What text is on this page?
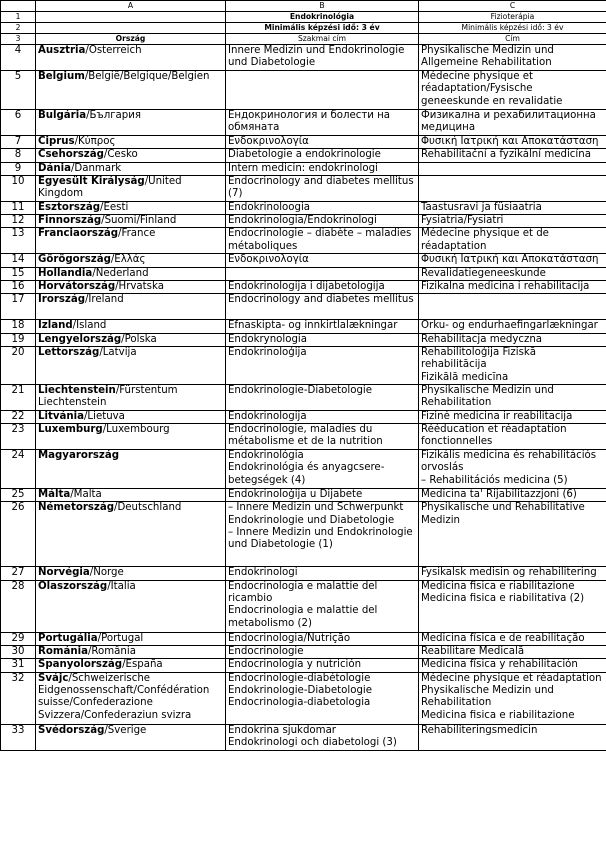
	A	B	C
1		Endokrinológia	Fizioterápia
2		Minimális képzési idő: 3 év	Minimális képzési idő: 3 év
3	Ország	Szakmai cím	Cím
4	Ausztria/Österreich	Innere Medizin und Endokrinologie und Diabetologie	Physikalische Medizin und Allgemeine Rehabilitation

5	Belgium/België/Belgique/Belgien		Médecine physique et réadaptation/Fysische geneeskunde en revalidatie

6	Bulgária/България	Ендокринология и болести на обмяната	Физикална и рехабилитационна медицина

7	Ciprus/Κύπρος	Ενδοκρινολογία	Φυσική Ιατρική και Αποκατάσταση

8	Csehország/Česko	Diabetologie a endokrinologie	Rehabilitační a fyzikální medicína

9	Dánia/Danmark	Intern medicin: endokrinologi	

10	Egyesült Királyság/United Kingdom	Endocrinology and diabetes mellitus (7)	

11	Észtország/Eesti	Endokrinoloogia	Taastusravi ja füsiaatria

12	Finnország/Suomi/Finland	Endokrinologia/Endokrinologi	Fysiatria/Fysiatri

13	Franciaország/France	Endocrinologie – diabète – maladies métaboliques	Médecine physique et de réadaptation

14	Görögország/Ελλάς	Ενδοκρινολογία	Φυσική Ιατρική και Αποκατάσταση

15	Hollandia/Nederland		Revalidatiegeneeskunde

16	Horvátország/Hrvatska	Endokrinologija i dijabetologija	Fizikalna medicina i rehabilitacija

17	Írország/Ireland	Endocrinology and diabetes mellitus	

18	Izland/Ísland	Efnaskipta- og innkirtlalækningar	Orku- og endurhaefingarlækningar

19	Lengyelország/Polska	Endokrynologia	Rehabilitacja medyczna

20	Lettország/Latvija	Endokrinoloģija	Rehabilitoloģija Fiziskā rehabilitācija
Fizikālā medicīna

21	Liechtenstein/Fürstentum Liechtenstein	Endokrinologie-Diabetologie	Physikalische Medizin und Rehabilitation

22	Litvánia/Lietuva	Endokrinologija	Fizinė medicina ir reabilitacija

23	Luxemburg/Luxembourg	Endocrinologie, maladies du métabolisme et de la nutrition	Rééducation et réadaptation fonctionnelles

24	Magyarország	Endokrinológia
Endokrinológia és anyagcsere-betegségek (4)	Fizikális medicina és rehabilitációs orvoslás
– Rehabilitációs medicina (5)

25	Málta/Malta	Endokrinoloġija u Dijabete	Medicina ta' Rijabilitazzjoni (6)

26	Németország/Deutschland	– Innere Medizin und Schwerpunkt Endokrinologie und Diabetologie
– Innere Medizin und Endokrinologie und Diabetologie (1)	Physikalische und Rehabilitative Medizin

27	Norvégia/Norge	Endokrinologi	Fysikalsk medisin og rehabilitering

28	Olaszország/Italia	Endocrinologia e malattie del ricambio
Endocrinologia e malattie del metabolismo (2)	Medicina fisica e riabilitazione
Medicina fisica e riabilitativa (2)

29	Portugália/Portugal	Endocrinologia/Nutrição	Medicina física e de reabilitação

30	Románia/România	Endocrinologie	Reabilitare Medicală

31	Spanyolország/España	Endocrinología y nutrición	Medicina física y rehabilitación

32	Svájc/Schweizerische Eidgenossenschaft/Confédération suisse/Confederazione Svizzera/Confederaziun svizra	Endocrinologie-diabétologie
Endokrinologie-Diabetologie
Endocrinologia-diabetologia	Médecine physique et réadaptation
Physikalische Medizin und Rehabilitation
Medicina fisica e riabilitazione

33	Svédország/Sverige	Endokrina sjukdomar
Endokrinologi och diabetologi (3)	Rehabiliteringsmedicin
